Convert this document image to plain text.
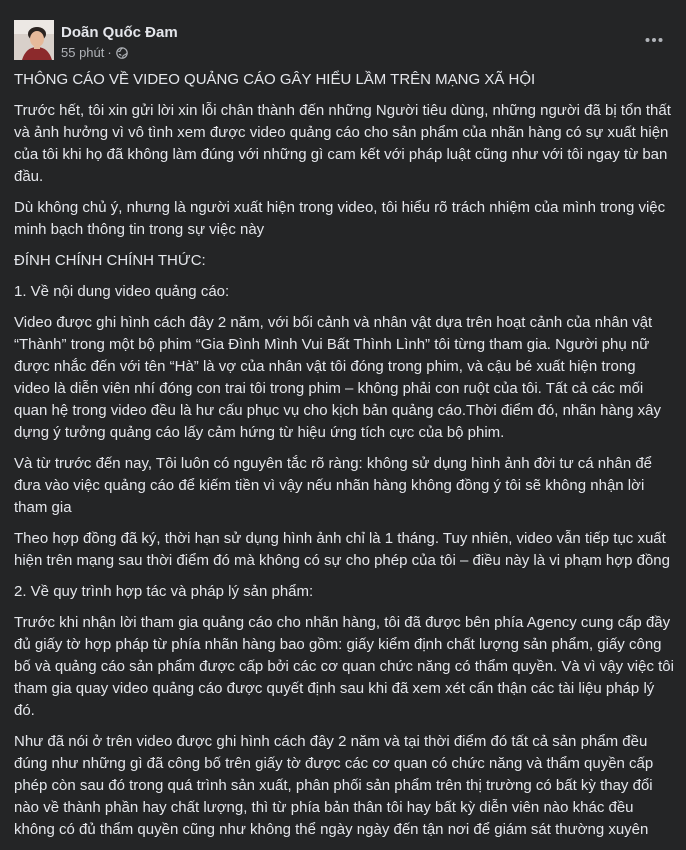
Doãn Quốc Đam
55 phút ·

THÔNG CÁO VỀ VIDEO QUẢNG CÁO GÂY HIỂU LẦM TRÊN MẠNG XÃ HỘI

Trước hết, tôi xin gửi lời xin lỗi chân thành đến những Người tiêu dùng, những người đã bị tổn thất và ảnh hưởng vì vô tình xem được video quảng cáo cho sản phẩm của nhãn hàng có sự xuất hiện của tôi khi họ đã không làm đúng với những gì cam kết với pháp luật cũng như với tôi ngay từ ban đầu.

Dù không chủ ý, nhưng là người xuất hiện trong video, tôi hiểu rõ trách nhiệm của mình trong việc minh bạch thông tin trong sự việc này

ĐÍNH CHÍNH CHÍNH THỨC:

1. Về nội dung video quảng cáo:

Video được ghi hình cách đây 2 năm, với bối cảnh và nhân vật dựa trên hoạt cảnh của nhân vật “Thành” trong một bộ phim “Gia Đình Mình Vui Bất Thình Lình” tôi từng tham gia. Người phụ nữ được nhắc đến với tên “Hà” là vợ của nhân vật tôi đóng trong phim, và cậu bé xuất hiện trong video là diễn viên nhí đóng con trai tôi trong phim – không phải con ruột của tôi. Tất cả các mối quan hệ trong video đều là hư cấu phục vụ cho kịch bản quảng cáo.Thời điểm đó, nhãn hàng xây dựng ý tưởng quảng cáo lấy cảm hứng từ hiệu ứng tích cực của bộ phim.

Và từ trước đến nay, Tôi luôn có nguyên tắc rõ ràng: không sử dụng hình ảnh đời tư cá nhân để đưa vào việc quảng cáo để kiếm tiền vì vậy nếu nhãn hàng không đồng ý tôi sẽ không nhận lời tham gia

Theo hợp đồng đã ký, thời hạn sử dụng hình ảnh chỉ là 1 tháng. Tuy nhiên, video vẫn tiếp tục xuất hiện trên mạng sau thời điểm đó mà không có sự cho phép của tôi – điều này là vi phạm hợp đồng

2. Về quy trình hợp tác và pháp lý sản phẩm:

Trước khi nhận lời tham gia quảng cáo cho nhãn hàng, tôi đã được bên phía Agency cung cấp đầy đủ giấy tờ hợp pháp từ phía nhãn hàng bao gồm: giấy kiểm định chất lượng sản phẩm, giấy công bố và quảng cáo sản phẩm được cấp bởi các cơ quan chức năng có thẩm quyền. Và vì vậy việc tôi tham gia quay video quảng cáo được quyết định sau khi đã xem xét cẩn thận các tài liệu pháp lý đó.

Như đã nói ở trên video được ghi hình cách đây 2 năm và tại thời điểm đó tất cả sản phẩm đều đúng như những gì đã công bố trên giấy tờ được các cơ quan có chức năng và thẩm quyền cấp phép còn sau đó trong quá trình sản xuất, phân phối sản phẩm trên thị trường có bất kỳ thay đổi nào về thành phần hay chất lượng, thì từ phía bản thân tôi hay bất kỳ diễn viên nào khác đều không có đủ thẩm quyền cũng như không thể ngày ngày đến tận nơi để giám sát thường xuyên
